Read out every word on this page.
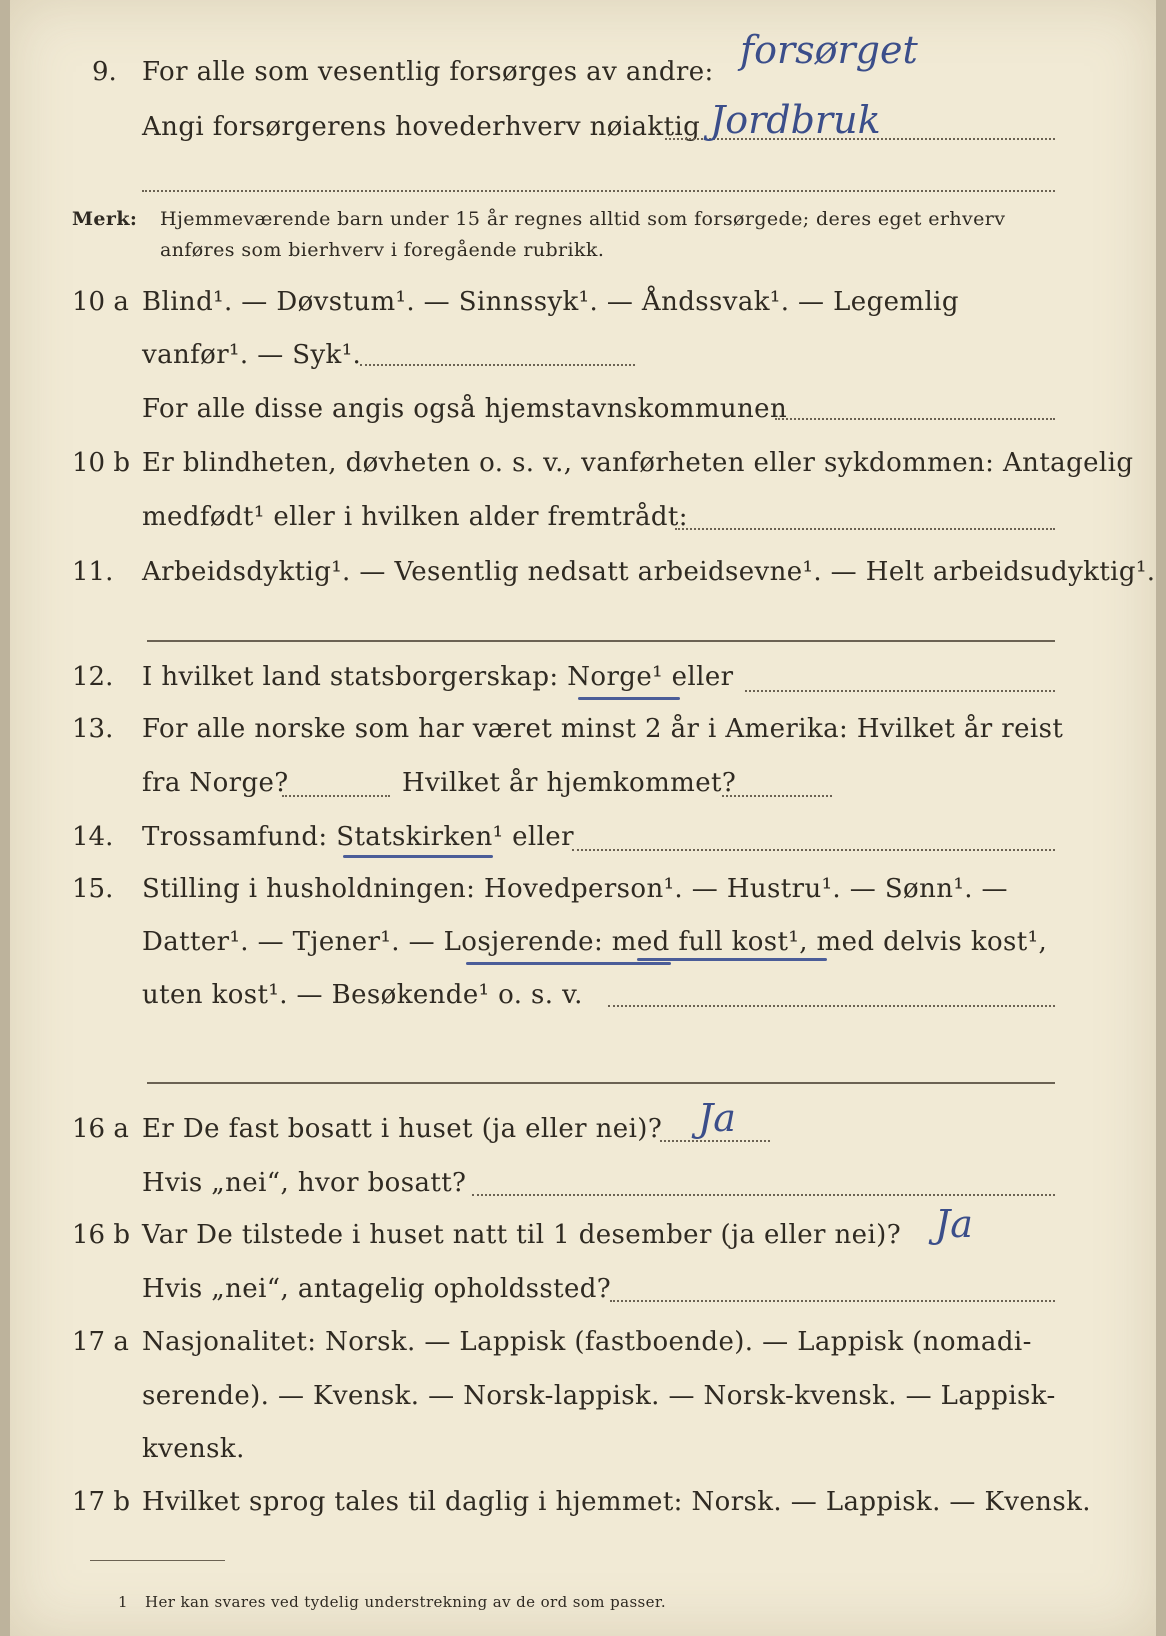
9. For alle som vesentlig forsørges av andre: forsørget
Angi forsørgerens hovederhverv nøiaktig Jordbruk
Merk: Hjemmeværende barn under 15 år regnes alltid som forsørgede; deres eget erhverv
anføres som bierhverv i foregående rubrikk.
10 a Blind¹. — Døvstum¹. — Sinnssyk¹. — Åndssvak¹. — Legemlig
vanfør¹. — Syk¹.
For alle disse angis også hjemstavnskommunen
10 b Er blindheten, døvheten o. s. v., vanførheten eller sykdommen: Antagelig
medfødt¹ eller i hvilken alder fremtrådt:
11. Arbeidsdyktig¹. — Vesentlig nedsatt arbeidsevne¹. — Helt arbeidsudyktig¹.
12. I hvilket land statsborgerskap: Norge¹ eller
13. For alle norske som har været minst 2 år i Amerika: Hvilket år reist
fra Norge?	Hvilket år hjemkommet?
14. Trossamfund: Statskirken¹ eller
15. Stilling i husholdningen: Hovedperson¹. — Hustru¹. — Sønn¹. —
Datter¹. — Tjener¹. — Losjerende: med full kost¹, med delvis kost¹,
uten kost¹. — Besøkende¹ o. s. v.
16 a Er De fast bosatt i huset (ja eller nei)? Ja
Hvis „nei“, hvor bosatt?
16 b Var De tilstede i huset natt til 1 desember (ja eller nei)? Ja
Hvis „nei“, antagelig opholdssted?
17 a Nasjonalitet: Norsk. — Lappisk (fastboende). — Lappisk (nomadi-
serende). — Kvensk. — Norsk-lappisk. — Norsk-kvensk. — Lappisk-
kvensk.
17 b Hvilket sprog tales til daglig i hjemmet: Norsk. — Lappisk. — Kvensk.
1 Her kan svares ved tydelig understrekning av de ord som passer.
